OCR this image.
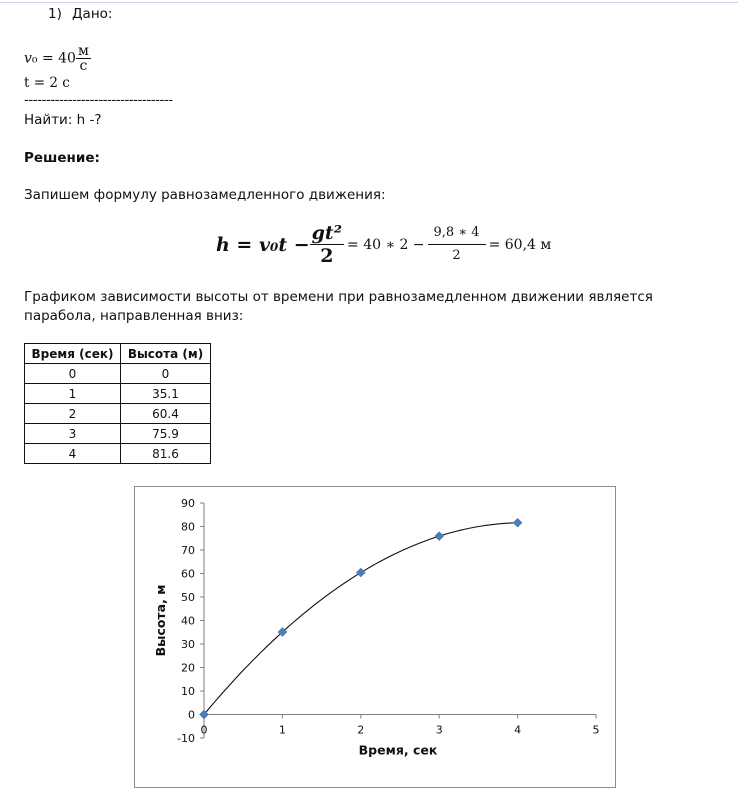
1) Дано:
𝑣₀ = $40 \frac{м}{с}$
t = 2 с
----------------------------------
Найти: h -?
Решение:
Запишем формулу равнозамедленного движения:
$h = v_0t - \frac{\text{gt²}}{2} = 40$ ∗ $2 - \frac{9,8 ∗ 4}{2} = 60,4$ м
Графиком зависимости высоты от времени при равнозамедленном движении является парабола, направленная вниз:
Время (сек)	Высота (м)
0	0
1	35.1
2	60.4
3	75.9
4	81.6
-10
0
10
20
30
40
50
60
70
80
90
0	1	2	3	4	5
Время, сек
Высота, м
